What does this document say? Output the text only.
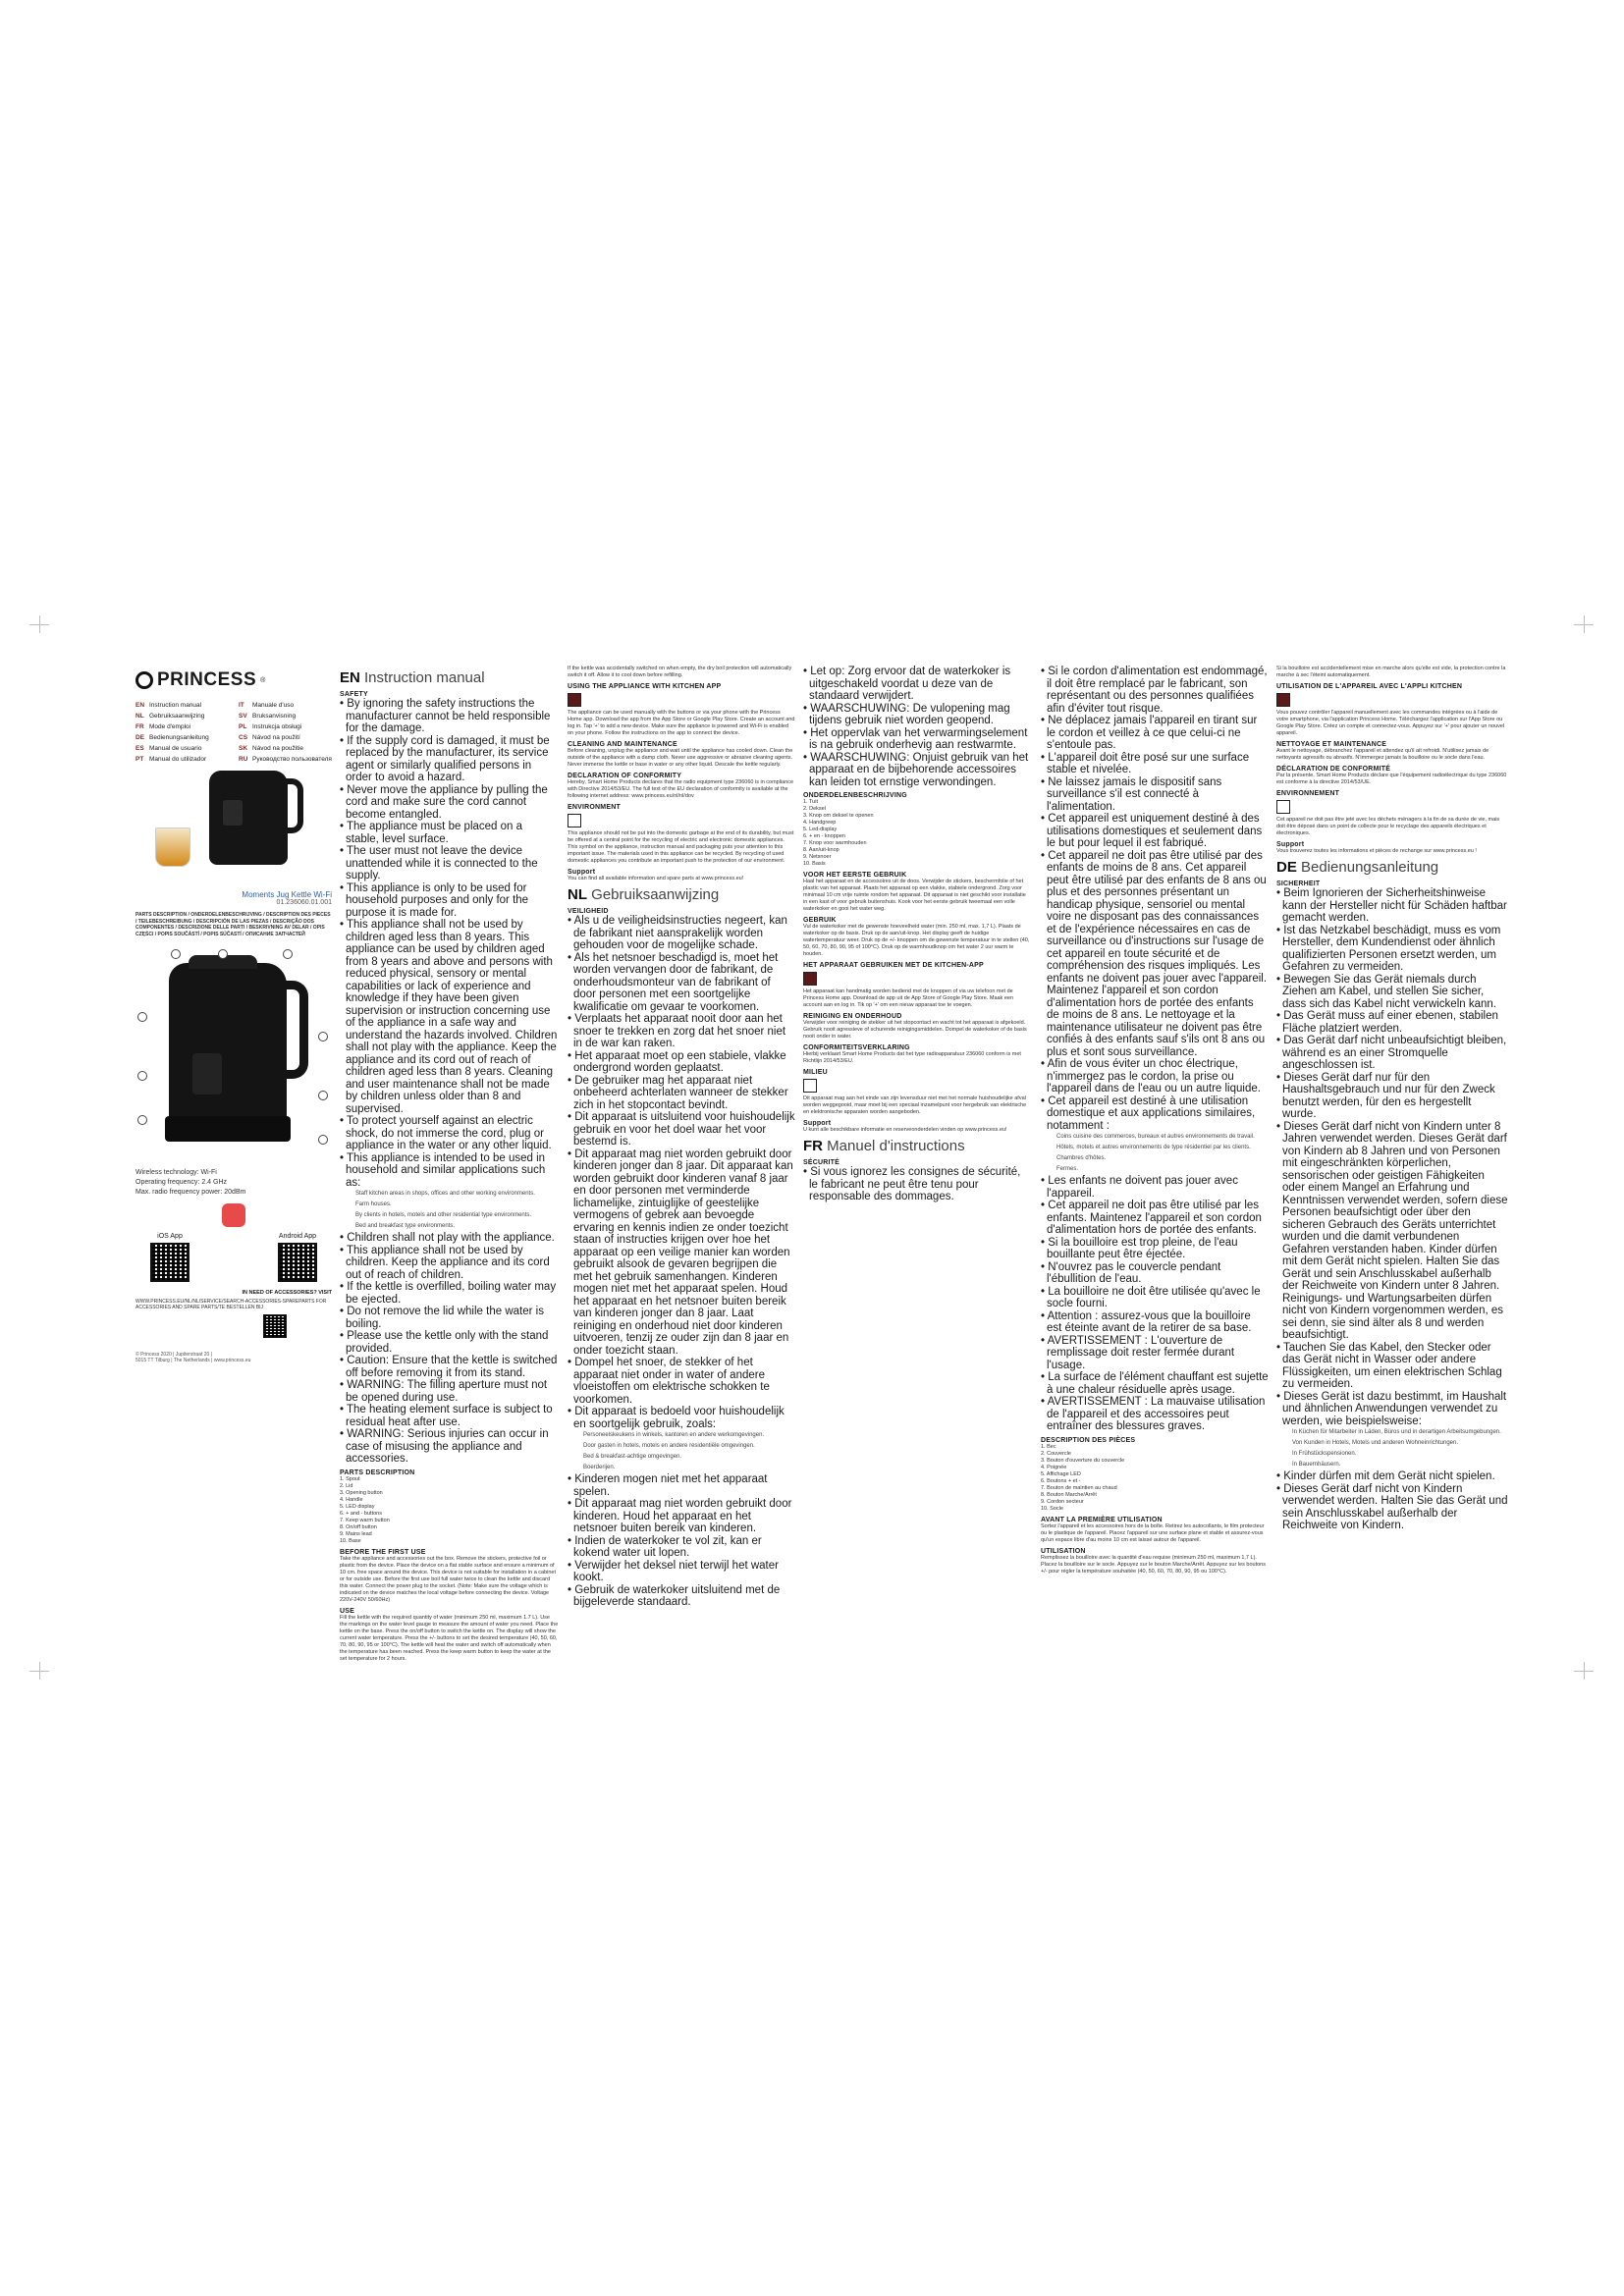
PRINCESS ®
EN Instruction manual	IT Manuale d'uso
NL Gebruiksaanwijzing	SV Bruksanvisning
FR Mode d'emploi	PL Instrukcja obsługi
DE Bedienungsanleitung	CS Návod na použití
ES Manual de usuario	SK Návod na použitie
PT Manual do utilizador	RU Руководство пользователя
Moments Jug Kettle Wi-Fi
01.236060.01.001
PARTS DESCRIPTION / ONDERDELENBESCHRIJVING / DESCRIPTION DES PIECES / TEILEBESCHREIBUNG / DESCRIPCIÓN DE LAS PIEZAS / DESCRIÇÃO DOS COMPONENTES / DESCRIZIONE DELLE PARTI / BESKRIVNING AV DELAR / OPIS CZĘŚCI / POPIS SOUČÁSTÍ / POPIS SÚČASTÍ / ОПИСАНИЕ ЗАПЧАСТЕЙ
Wireless technology: Wi-Fi
Operating frequency: 2.4 GHz
Max. radio frequency power: 20dBm
iOS App	Android App
IN NEED OF ACCESSORIES? VISIT
WWW.PRINCESS.EU/NL/NL/SERVICE/SEARCH-ACCESSORIES-SPAREPARTS FOR ACCESSORIES AND SPARE PARTS/TE BESTELLEN BIJ
© Princess 2020 | Jupiterstraat 20 |
5015 TT Tilburg | The Netherlands | www.princess.eu
EN Instruction manual
SAFETY
• By ignoring the safety instructions the manufacturer cannot be held responsible for the damage.
• If the supply cord is damaged, it must be replaced by the manufacturer, its service agent or similarly qualified persons in order to avoid a hazard.
• Never move the appliance by pulling the cord and make sure the cord cannot become entangled.
• The appliance must be placed on a stable, level surface.
• The user must not leave the device unattended while it is connected to the supply.
• This appliance is only to be used for household purposes and only for the purpose it is made for.
• This appliance shall not be used by children aged less than 8 years. This appliance can be used by children aged from 8 years and above and persons with reduced physical, sensory or mental capabilities or lack of experience and knowledge if they have been given supervision or instruction concerning use of the appliance in a safe way and understand the hazards involved. Children shall not play with the appliance. Keep the appliance and its cord out of reach of children aged less than 8 years. Cleaning and user maintenance shall not be made by children unless older than 8 and supervised.
• To protect yourself against an electric shock, do not immerse the cord, plug or appliance in the water or any other liquid.
• This appliance is intended to be used in household and similar applications such as:
Staff kitchen areas in shops, offices and other working environments.
Farm houses.
By clients in hotels, motels and other residential type environments.
Bed and breakfast type environments.
• Children shall not play with the appliance.
• This appliance shall not be used by children. Keep the appliance and its cord out of reach of children.
• If the kettle is overfilled, boiling water may be ejected.
• Do not remove the lid while the water is boiling.
• Please use the kettle only with the stand provided.
• Caution: Ensure that the kettle is switched off before removing it from its stand.
• WARNING: The filling aperture must not be opened during use.
• The heating element surface is subject to residual heat after use.
• WARNING: Serious injuries can occur in case of misusing the appliance and accessories.
PARTS DESCRIPTION
1. Spout
2. Lid
3. Opening button
4. Handle
5. LED display
6. + and - buttons
7. Keep warm button
8. On/off button
9. Mains lead
10. Base
BEFORE THE FIRST USE
Take the appliance and accessories out the box. Remove the stickers, protective foil or plastic from the device. Place the device on a flat stable surface and ensure a minimum of 10 cm. free space around the device. This device is not suitable for installation in a cabinet or for outside use. Before the first use boil full water twice to clean the kettle and discard this water. Connect the power plug to the socket. (Note: Make sure the voltage which is indicated on the device matches the local voltage before connecting the device. Voltage 220V-240V 50/60Hz)
USE
Fill the kettle with the required quantity of water (minimum 250 ml, maximum 1.7 L). Use the markings on the water level gauge to measure the amount of water you need. Place the kettle on the base. Press the on/off button to switch the kettle on. The display will show the current water temperature. Press the +/- buttons to set the desired temperature (40, 50, 60, 70, 80, 90, 95 or 100°C). The kettle will heat the water and switch off automatically when the temperature has been reached. Press the keep warm button to keep the water at the set temperature for 2 hours.
If the kettle was accidentally switched on when empty, the dry boil protection will automatically switch it off. Allow it to cool down before refilling.
USING THE APPLIANCE WITH KITCHEN APP
The appliance can be used manually with the buttons or via your phone with the Princess Home app. Download the app from the App Store or Google Play Store. Create an account and log in. Tap '+' to add a new device. Make sure the appliance is powered and Wi-Fi is enabled on your phone. Follow the instructions on the app to connect the device.
CLEANING AND MAINTENANCE
Before cleaning, unplug the appliance and wait until the appliance has cooled down. Clean the outside of the appliance with a damp cloth. Never use aggressive or abrasive cleaning agents. Never immerse the kettle or base in water or any other liquid. Descale the kettle regularly.
DECLARATION OF CONFORMITY
Hereby, Smart Home Products declares that the radio equipment type 236060 is in compliance with Directive 2014/53/EU. The full text of the EU declaration of conformity is available at the following internet address: www.princess.eu/nl/nl/dov
ENVIRONMENT
This appliance should not be put into the domestic garbage at the end of its durability, but must be offered at a central point for the recycling of electric and electronic domestic appliances. This symbol on the appliance, instruction manual and packaging puts your attention to this important issue. The materials used in this appliance can be recycled. By recycling of used domestic appliances you contribute an important push to the protection of our environment.
Support
You can find all available information and spare parts at www.princess.eu!
NL Gebruiksaanwijzing
VEILIGHEID
• Als u de veiligheidsinstructies negeert, kan de fabrikant niet aansprakelijk worden gehouden voor de mogelijke schade.
• Als het netsnoer beschadigd is, moet het worden vervangen door de fabrikant, de onderhoudsmonteur van de fabrikant of door personen met een soortgelijke kwalificatie om gevaar te voorkomen.
• Verplaats het apparaat nooit door aan het snoer te trekken en zorg dat het snoer niet in de war kan raken.
• Het apparaat moet op een stabiele, vlakke ondergrond worden geplaatst.
• De gebruiker mag het apparaat niet onbeheerd achterlaten wanneer de stekker zich in het stopcontact bevindt.
• Dit apparaat is uitsluitend voor huishoudelijk gebruik en voor het doel waar het voor bestemd is.
• Dit apparaat mag niet worden gebruikt door kinderen jonger dan 8 jaar. Dit apparaat kan worden gebruikt door kinderen vanaf 8 jaar en door personen met verminderde lichamelijke, zintuiglijke of geestelijke vermogens of gebrek aan bevoegde ervaring en kennis indien ze onder toezicht staan of instructies krijgen over hoe het apparaat op een veilige manier kan worden gebruikt alsook de gevaren begrijpen die met het gebruik samenhangen. Kinderen mogen niet met het apparaat spelen. Houd het apparaat en het netsnoer buiten bereik van kinderen jonger dan 8 jaar. Laat reiniging en onderhoud niet door kinderen uitvoeren, tenzij ze ouder zijn dan 8 jaar en onder toezicht staan.
• Dompel het snoer, de stekker of het apparaat niet onder in water of andere vloeistoffen om elektrische schokken te voorkomen.
• Dit apparaat is bedoeld voor huishoudelijk en soortgelijk gebruik, zoals:
Personeelskeukens in winkels, kantoren en andere werkomgevingen.
Door gasten in hotels, motels en andere residentiële omgevingen.
Bed & breakfast-achtige omgevingen.
Boerderijen.
• Kinderen mogen niet met het apparaat spelen.
• Dit apparaat mag niet worden gebruikt door kinderen. Houd het apparaat en het netsnoer buiten bereik van kinderen.
• Indien de waterkoker te vol zit, kan er kokend water uit lopen.
• Verwijder het deksel niet terwijl het water kookt.
• Gebruik de waterkoker uitsluitend met de bijgeleverde standaard.
• Let op: Zorg ervoor dat de waterkoker is uitgeschakeld voordat u deze van de standaard verwijdert.
• WAARSCHUWING: De vulopening mag tijdens gebruik niet worden geopend.
• Het oppervlak van het verwarmingselement is na gebruik onderhevig aan restwarmte.
• WAARSCHUWING: Onjuist gebruik van het apparaat en de bijbehorende accessoires kan leiden tot ernstige verwondingen.
ONDERDELENBESCHRIJVING
1. Tuit
2. Deksel
3. Knop om deksel te openen
4. Handgreep
5. Led-display
6. + en - knoppen
7. Knop voor warmhouden
8. Aan/uit-knop
9. Netsnoer
10. Basis
VOOR HET EERSTE GEBRUIK
Haal het apparaat en de accessoires uit de doos. Verwijder de stickers, beschermfolie of het plastic van het apparaat. Plaats het apparaat op een vlakke, stabiele ondergrond. Zorg voor minimaal 10 cm vrije ruimte rondom het apparaat. Dit apparaat is niet geschikt voor installatie in een kast of voor gebruik buitenshuis. Kook voor het eerste gebruik tweemaal een volle waterkoker en gooi het water weg.
GEBRUIK
Vul de waterkoker met de gewenste hoeveelheid water (min. 250 ml, max. 1,7 L). Plaats de waterkoker op de basis. Druk op de aan/uit-knop. Het display geeft de huidige watertemperatuur weer. Druk op de +/- knoppen om de gewenste temperatuur in te stellen (40, 50, 60, 70, 80, 90, 95 of 100°C). Druk op de warmhoudknop om het water 2 uur warm te houden.
HET APPARAAT GEBRUIKEN MET DE KITCHEN-APP
Het apparaat kan handmatig worden bediend met de knoppen of via uw telefoon met de Princess Home app. Download de app uit de App Store of Google Play Store. Maak een account aan en log in. Tik op '+' om een nieuw apparaat toe te voegen.
REINIGING EN ONDERHOUD
Verwijder voor reiniging de stekker uit het stopcontact en wacht tot het apparaat is afgekoeld. Gebruik nooit agressieve of schurende reinigingsmiddelen. Dompel de waterkoker of de basis nooit onder in water.
CONFORMITEITSVERKLARING
Hierbij verklaart Smart Home Products dat het type radioapparatuur 236060 conform is met Richtlijn 2014/53/EU.
MILIEU
Dit apparaat mag aan het einde van zijn levensduur niet met het normale huishoudelijke afval worden weggegooid, maar moet bij een speciaal inzamelpunt voor hergebruik van elektrische en elektronische apparaten worden aangeboden.
Support
U kunt alle beschikbare informatie en reserveonderdelen vinden op www.princess.eu!
FR Manuel d'instructions
SÉCURITÉ
• Si vous ignorez les consignes de sécurité, le fabricant ne peut être tenu pour responsable des dommages.
• Si le cordon d'alimentation est endommagé, il doit être remplacé par le fabricant, son représentant ou des personnes qualifiées afin d'éviter tout risque.
• Ne déplacez jamais l'appareil en tirant sur le cordon et veillez à ce que celui-ci ne s'entoule pas.
• L'appareil doit être posé sur une surface stable et nivelée.
• Ne laissez jamais le dispositif sans surveillance s'il est connecté à l'alimentation.
• Cet appareil est uniquement destiné à des utilisations domestiques et seulement dans le but pour lequel il est fabriqué.
• Cet appareil ne doit pas être utilisé par des enfants de moins de 8 ans. Cet appareil peut être utilisé par des enfants de 8 ans ou plus et des personnes présentant un handicap physique, sensoriel ou mental voire ne disposant pas des connaissances et de l'expérience nécessaires en cas de surveillance ou d'instructions sur l'usage de cet appareil en toute sécurité et de compréhension des risques impliqués. Les enfants ne doivent pas jouer avec l'appareil. Maintenez l'appareil et son cordon d'alimentation hors de portée des enfants de moins de 8 ans. Le nettoyage et la maintenance utilisateur ne doivent pas être confiés à des enfants sauf s'ils ont 8 ans ou plus et sont sous surveillance.
• Afin de vous éviter un choc électrique, n'immergez pas le cordon, la prise ou l'appareil dans de l'eau ou un autre liquide.
• Cet appareil est destiné à une utilisation domestique et aux applications similaires, notamment :
Coins cuisine des commerces, bureaux et autres environnements de travail.
Hôtels, motels et autres environnements de type résidentiel par les clients.
Chambres d'hôtes.
Fermes.
• Les enfants ne doivent pas jouer avec l'appareil.
• Cet appareil ne doit pas être utilisé par les enfants. Maintenez l'appareil et son cordon d'alimentation hors de portée des enfants.
• Si la bouilloire est trop pleine, de l'eau bouillante peut être éjectée.
• N'ouvrez pas le couvercle pendant l'ébullition de l'eau.
• La bouilloire ne doit être utilisée qu'avec le socle fourni.
• Attention : assurez-vous que la bouilloire est éteinte avant de la retirer de sa base.
• AVERTISSEMENT : L'ouverture de remplissage doit rester fermée durant l'usage.
• La surface de l'élément chauffant est sujette à une chaleur résiduelle après usage.
• AVERTISSEMENT : La mauvaise utilisation de l'appareil et des accessoires peut entraîner des blessures graves.
DESCRIPTION DES PIÈCES
1. Bec
2. Couvercle
3. Bouton d'ouverture du couvercle
4. Poignée
5. Affichage LED
6. Boutons + et -
7. Bouton de maintien au chaud
8. Bouton Marche/Arrêt
9. Cordon secteur
10. Socle
AVANT LA PREMIÈRE UTILISATION
Sortez l'appareil et les accessoires hors de la boîte. Retirez les autocollants, le film protecteur ou le plastique de l'appareil. Placez l'appareil sur une surface plane et stable et assurez-vous qu'un espace libre d'au moins 10 cm est laissé autour de l'appareil.
UTILISATION
Remplissez la bouilloire avec la quantité d'eau requise (minimum 250 ml, maximum 1,7 L). Placez la bouilloire sur le socle. Appuyez sur le bouton Marche/Arrêt. Appuyez sur les boutons +/- pour régler la température souhaitée (40, 50, 60, 70, 80, 90, 95 ou 100°C).
Si la bouilloire est accidentellement mise en marche alors qu'elle est vide, la protection contre la marche à sec l'éteint automatiquement.
UTILISATION DE L'APPAREIL AVEC L'APPLI KITCHEN
Vous pouvez contrôler l'appareil manuellement avec les commandes intégrées ou à l'aide de votre smartphone, via l'application Princess Home. Téléchargez l'application sur l'App Store ou Google Play Store. Créez un compte et connectez-vous. Appuyez sur '+' pour ajouter un nouvel appareil.
NETTOYAGE ET MAINTENANCE
Avant le nettoyage, débranchez l'appareil et attendez qu'il ait refroidi. N'utilisez jamais de nettoyants agressifs ou abrasifs. N'immergez jamais la bouilloire ou le socle dans l'eau.
DÉCLARATION DE CONFORMITÉ
Par la présente, Smart Home Products déclare que l'équipement radioélectrique du type 236060 est conforme à la directive 2014/53/UE.
ENVIRONNEMENT
Cet appareil ne doit pas être jeté avec les déchets ménagers à la fin de sa durée de vie, mais doit être déposé dans un point de collecte pour le recyclage des appareils électriques et électroniques.
Support
Vous trouverez toutes les informations et pièces de rechange sur www.princess.eu !
DE Bedienungsanleitung
SICHERHEIT
• Beim Ignorieren der Sicherheitshinweise kann der Hersteller nicht für Schäden haftbar gemacht werden.
• Ist das Netzkabel beschädigt, muss es vom Hersteller, dem Kundendienst oder ähnlich qualifizierten Personen ersetzt werden, um Gefahren zu vermeiden.
• Bewegen Sie das Gerät niemals durch Ziehen am Kabel, und stellen Sie sicher, dass sich das Kabel nicht verwickeln kann.
• Das Gerät muss auf einer ebenen, stabilen Fläche platziert werden.
• Das Gerät darf nicht unbeaufsichtigt bleiben, während es an einer Stromquelle angeschlossen ist.
• Dieses Gerät darf nur für den Haushaltsgebrauch und nur für den Zweck benutzt werden, für den es hergestellt wurde.
• Dieses Gerät darf nicht von Kindern unter 8 Jahren verwendet werden. Dieses Gerät darf von Kindern ab 8 Jahren und von Personen mit eingeschränkten körperlichen, sensorischen oder geistigen Fähigkeiten oder einem Mangel an Erfahrung und Kenntnissen verwendet werden, sofern diese Personen beaufsichtigt oder über den sicheren Gebrauch des Geräts unterrichtet wurden und die damit verbundenen Gefahren verstanden haben. Kinder dürfen mit dem Gerät nicht spielen. Halten Sie das Gerät und sein Anschlusskabel außerhalb der Reichweite von Kindern unter 8 Jahren. Reinigungs- und Wartungsarbeiten dürfen nicht von Kindern vorgenommen werden, es sei denn, sie sind älter als 8 und werden beaufsichtigt.
• Tauchen Sie das Kabel, den Stecker oder das Gerät nicht in Wasser oder andere Flüssigkeiten, um einen elektrischen Schlag zu vermeiden.
• Dieses Gerät ist dazu bestimmt, im Haushalt und ähnlichen Anwendungen verwendet zu werden, wie beispielsweise:
In Küchen für Mitarbeiter in Läden, Büros und in derartigen Arbeitsumgebungen.
Von Kunden in Hotels, Motels und anderen Wohneinrichtungen.
In Frühstückspensionen.
In Bauernhäusern.
• Kinder dürfen mit dem Gerät nicht spielen.
• Dieses Gerät darf nicht von Kindern verwendet werden. Halten Sie das Gerät und sein Anschlusskabel außerhalb der Reichweite von Kindern.
